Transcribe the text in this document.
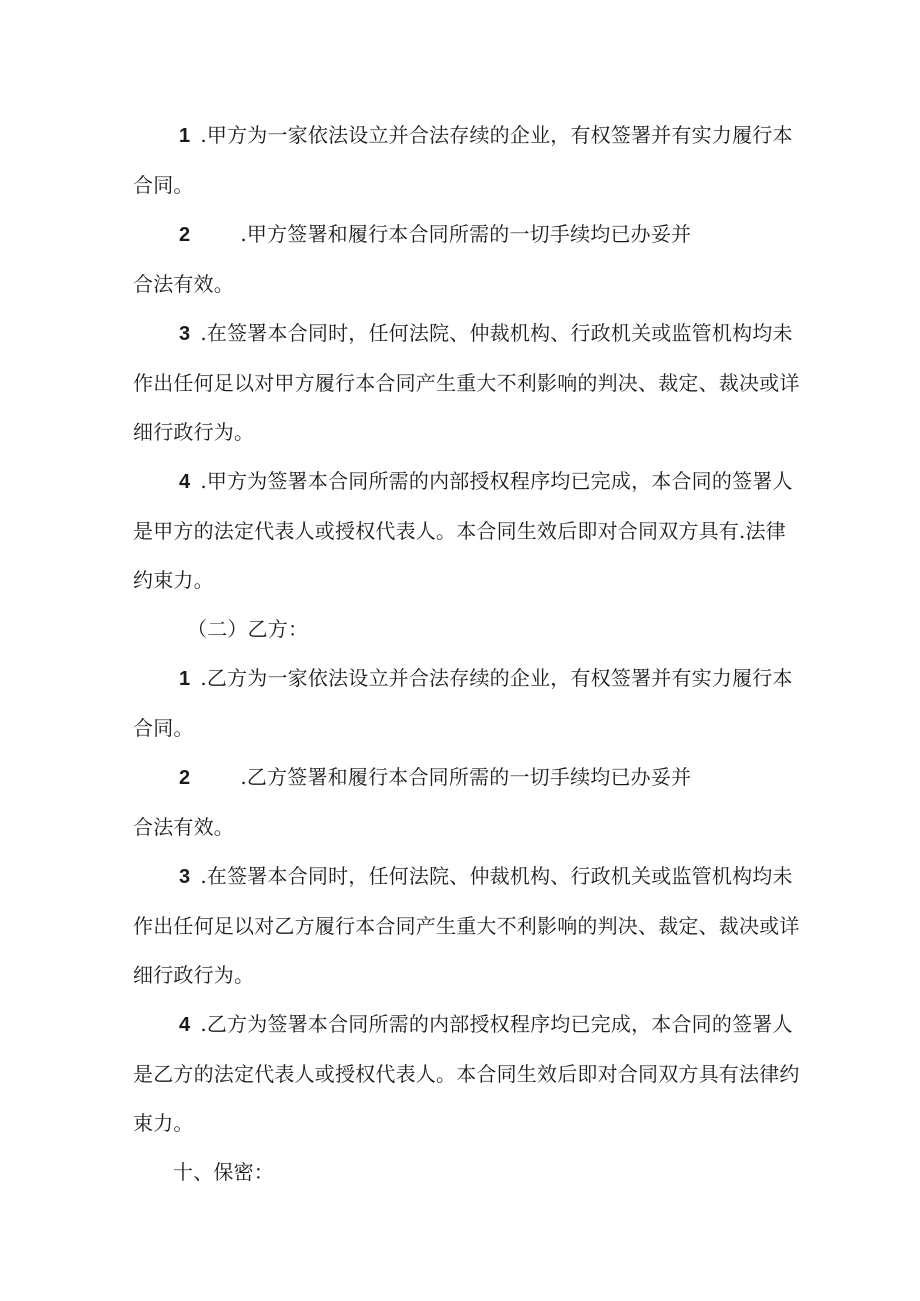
1 .甲方为一家依法设立并合法存续的企业，有权签署并有实力履行本

合同。

2	.甲方签署和履行本合同所需的一切手续均已办妥并

合法有效。

3 .在签署本合同时，任何法院、仲裁机构、行政机关或监管机构均未

作出任何足以对甲方履行本合同产生重大不利影响的判决、裁定、裁决或详

细行政行为。

4 .甲方为签署本合同所需的内部授权程序均已完成，本合同的签署人

是甲方的法定代表人或授权代表人。本合同生效后即对合同双方具有.法律

约束力。

（二）乙方：

1 .乙方为一家依法设立并合法存续的企业，有权签署并有实力履行本

合同。

2	.乙方签署和履行本合同所需的一切手续均已办妥并

合法有效。

3 .在签署本合同时，任何法院、仲裁机构、行政机关或监管机构均未

作出任何足以对乙方履行本合同产生重大不利影响的判决、裁定、裁决或详

细行政行为。

4 .乙方为签署本合同所需的内部授权程序均已完成，本合同的签署人

是乙方的法定代表人或授权代表人。本合同生效后即对合同双方具有法律约

束力。

十、保密：
